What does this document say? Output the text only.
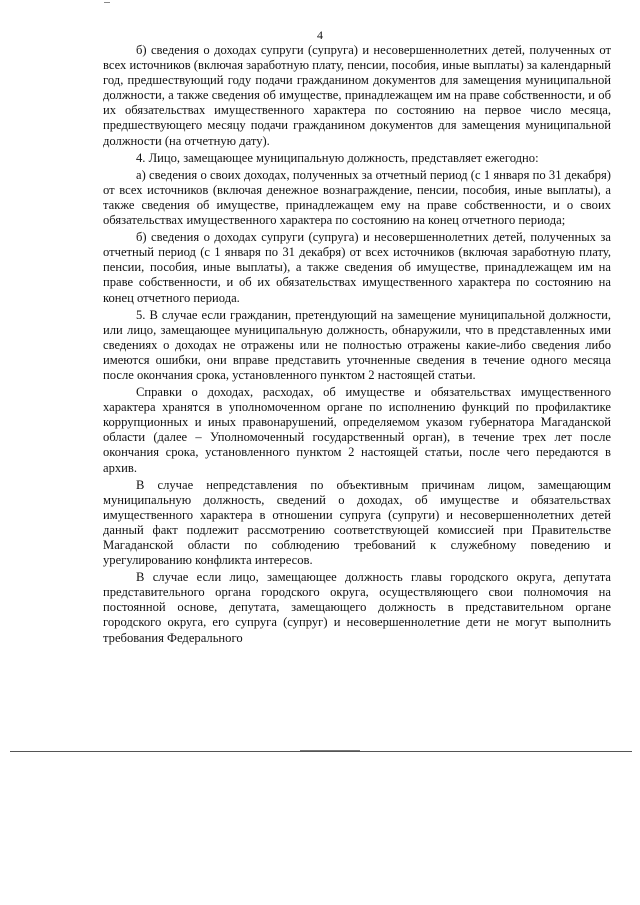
4

б) сведения о доходах супруги (супруга) и несовершеннолетних детей, полученных от всех источников (включая заработную плату, пенсии, пособия, иные выплаты) за календарный год, предшествующий году подачи гражданином документов для замещения муниципальной должности, а также сведения об имуществе, принадлежащем им на праве собственности, и об их обязательствах имущественного характера по состоянию на первое число месяца, предшествующего месяцу подачи гражданином документов для замещения муниципальной должности (на отчетную дату).

4. Лицо, замещающее муниципальную должность, представляет ежегодно:

а) сведения о своих доходах, полученных за отчетный период (с 1 января по 31 декабря) от всех источников (включая денежное вознаграждение, пенсии, пособия, иные выплаты), а также сведения об имуществе, принадлежащем ему на праве собственности, и о своих обязательствах имущественного характера по состоянию на конец отчетного периода;

б) сведения о доходах супруги (супруга) и несовершеннолетних детей, полученных за отчетный период (с 1 января по 31 декабря) от всех источников (включая заработную плату, пенсии, пособия, иные выплаты), а также сведения об имуществе, принадлежащем им на праве собственности, и об их обязательствах имущественного характера по состоянию на конец отчетного периода.

5. В случае если гражданин, претендующий на замещение муниципальной должности, или лицо, замещающее муниципальную должность, обнаружили, что в представленных ими сведениях о доходах не отражены или не полностью отражены какие-либо сведения либо имеются ошибки, они вправе представить уточненные сведения в течение одного месяца после окончания срока, установленного пунктом 2 настоящей статьи.

Справки о доходах, расходах, об имуществе и обязательствах имущественного характера хранятся в уполномоченном органе по исполнению функций по профилактике коррупционных и иных правонарушений, определяемом указом губернатора Магаданской области (далее – Уполномоченный государственный орган), в течение трех лет после окончания срока, установленного пунктом 2 настоящей статьи, после чего передаются в архив.

В случае непредставления по объективным причинам лицом, замещающим муниципальную должность, сведений о доходах, об имуществе и обязательствах имущественного характера в отношении супруга (супруги) и несовершеннолетних детей данный факт подлежит рассмотрению соответствующей комиссией при Правительстве Магаданской области по соблюдению требований к служебному поведению и урегулированию конфликта интересов.

В случае если лицо, замещающее должность главы городского округа, депутата представительного органа городского округа, осуществляющего свои полномочия на постоянной основе, депутата, замещающего должность в представительном органе городского округа, его супруга (супруг) и несовершеннолетние дети не могут выполнить требования Федерального
